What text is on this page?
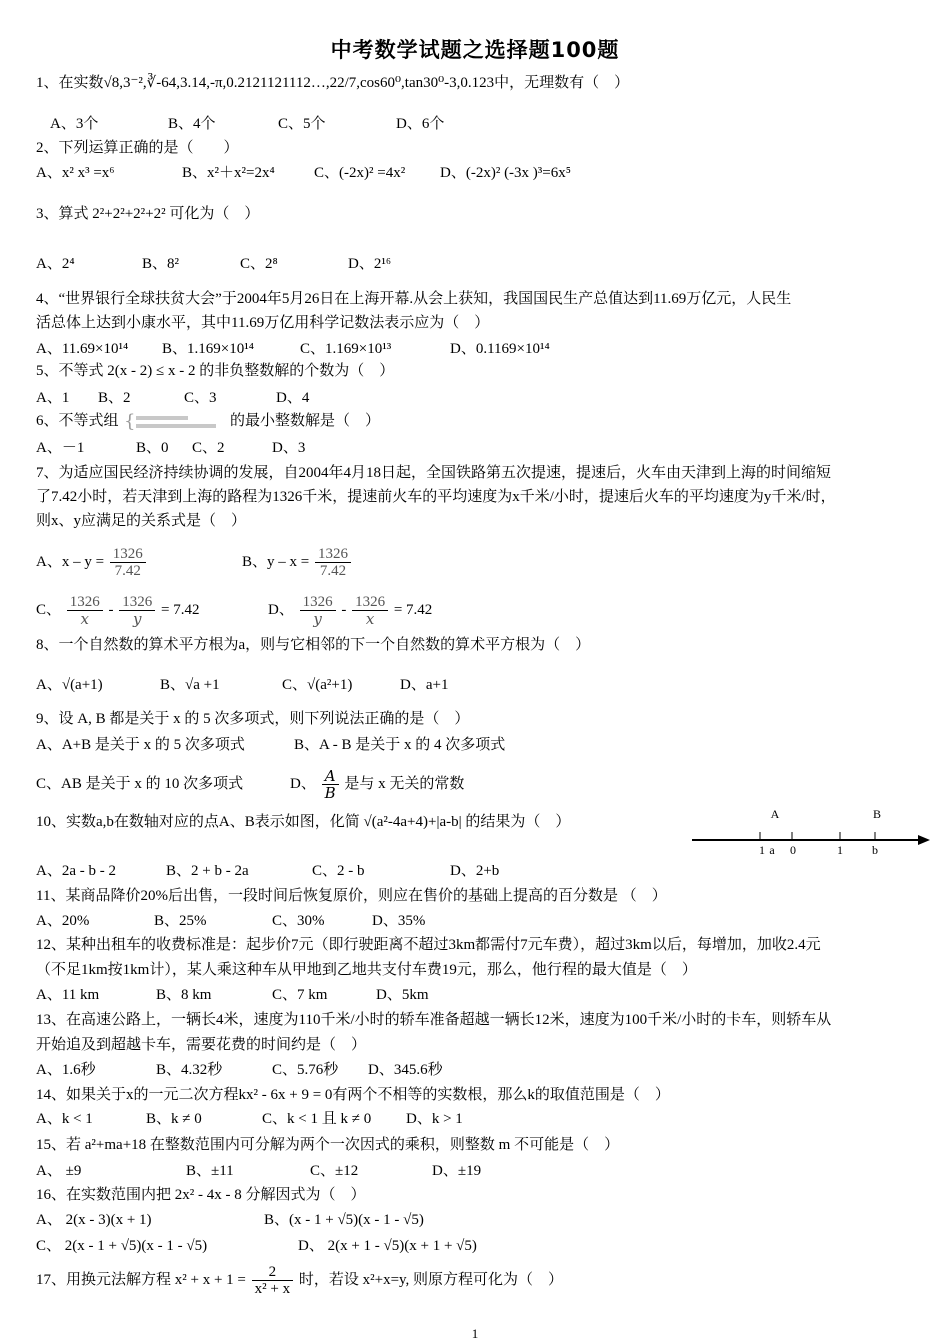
中考数学试题之选择题100题
1、在实数√8,3⁻²,∛-64,3.14,-π,0.2121121112…,22/7,cos60⁰,tan30⁰-3,0.123中，无理数有（　）
A、3个	B、4个	C、5个	D、6个
2、下列运算正确的是（　　）
A、x² x³ =x⁶	B、x²＋x²=2x⁴	C、(-2x)² =4x² D、(-2x)² (-3x )³=6x⁵
3、算式 2²+2²+2²+2² 可化为（　）
A、2⁴	B、8²	C、2⁸	D、2¹⁶
4、“世界银行全球扶贫大会”于2004年5月26日在上海开幕.从会上获知，我国国民生产总值达到11.69万亿元，人民生
活总体上达到小康水平，其中11.69万亿用科学记数法表示应为（　）
A、11.69×10¹⁴ B、1.169×10¹⁴	C、1.169×10¹³	D、0.1169×10¹⁴
5、不等式 2(x - 2) ≤ x - 2 的非负整数解的个数为（　）
A、1 B、2	C、3	D、4
6、不等式组 {	的最小整数解是（　）
A、－1	B、0 C、2	D、3
7、为适应国民经济持续协调的发展，自2004年4月18日起，全国铁路第五次提速，提速后，火车由天津到上海的时间缩短
了7.42小时，若天津到上海的路程为1326千米，提速前火车的平均速度为x千米/小时，提速后火车的平均速度为y千米/时，
则x、y应满足的关系式是（　）
A、$x - y = \frac{1326}{7.42}$	B、$y - x = \frac{1326}{7.42}$
C、 $\frac{1326}{x} - \frac{1326}{y} = 7.42$	D、 $\frac{1326}{y} - \frac{1326}{x} = 7.42$
8、一个自然数的算术平方根为a，则与它相邻的下一个自然数的算术平方根为（　）
A、√(a+1)	B、√a +1	C、√(a²+1)	D、a+1
9、设 A, B 都是关于 x 的 5 次多项式，则下列说法正确的是（　）
A、A+B 是关于 x 的 5 次多项式	B、A - B 是关于 x 的 4 次多项式
C、AB 是关于 x 的 10 次多项式	D、 $\frac{A}{B}$ 是与 x 无关的常数
10、实数a,b在数轴对应的点A、B表示如图，化简 √(a²-4a+4)+|a-b| 的结果为（　）	A	B
1 a 0	1 b
A、2a - b - 2	B、2 + b - 2a	C、2 - b	D、2+b
11、某商品降价20%后出售，一段时间后恢复原价，则应在售价的基础上提高的百分数是 （　）
A、20%	B、25%	C、30%	D、35%
12、某种出租车的收费标准是：起步价7元（即行驶距离不超过3km都需付7元车费），超过3km以后，每增加，加收2.4元
（不足1km按1km计），某人乘这种车从甲地到乙地共支付车费19元，那么，他行程的最大值是（　）
A、11 km	B、8 km	C、7 km	D、5km
13、在高速公路上，一辆长4米，速度为110千米/小时的轿车准备超越一辆长12米，速度为100千米/小时的卡车，则轿车从
开始追及到超越卡车，需要花费的时间约是（　）
A、1.6秒	B、4.32秒	C、5.76秒 D、345.6秒
14、如果关于x的一元二次方程kx² - 6x + 9 = 0有两个不相等的实数根，那么k的取值范围是（　）
A、k < 1	B、k ≠ 0	C、k < 1 且 k ≠ 0 D、k > 1
15、若 a²+ma+18 在整数范围内可分解为两个一次因式的乘积，则整数 m 不可能是（　）
A、 ±9	B、±11	C、±12	D、±19
16、在实数范围内把 2x² - 4x - 8 分解因式为（　）
A、 2(x - 3)(x + 1)	B、(x - 1 + √5)(x - 1 - √5)
C、 2(x - 1 + √5)(x - 1 - √5)	D、 2(x + 1 - √5)(x + 1 + √5)
17、用换元法解方程 $x^2 + x + 1 = \frac{2}{\text{x² + x}}$ 时，若设 x²+x=y, 则原方程可化为（　）
1
